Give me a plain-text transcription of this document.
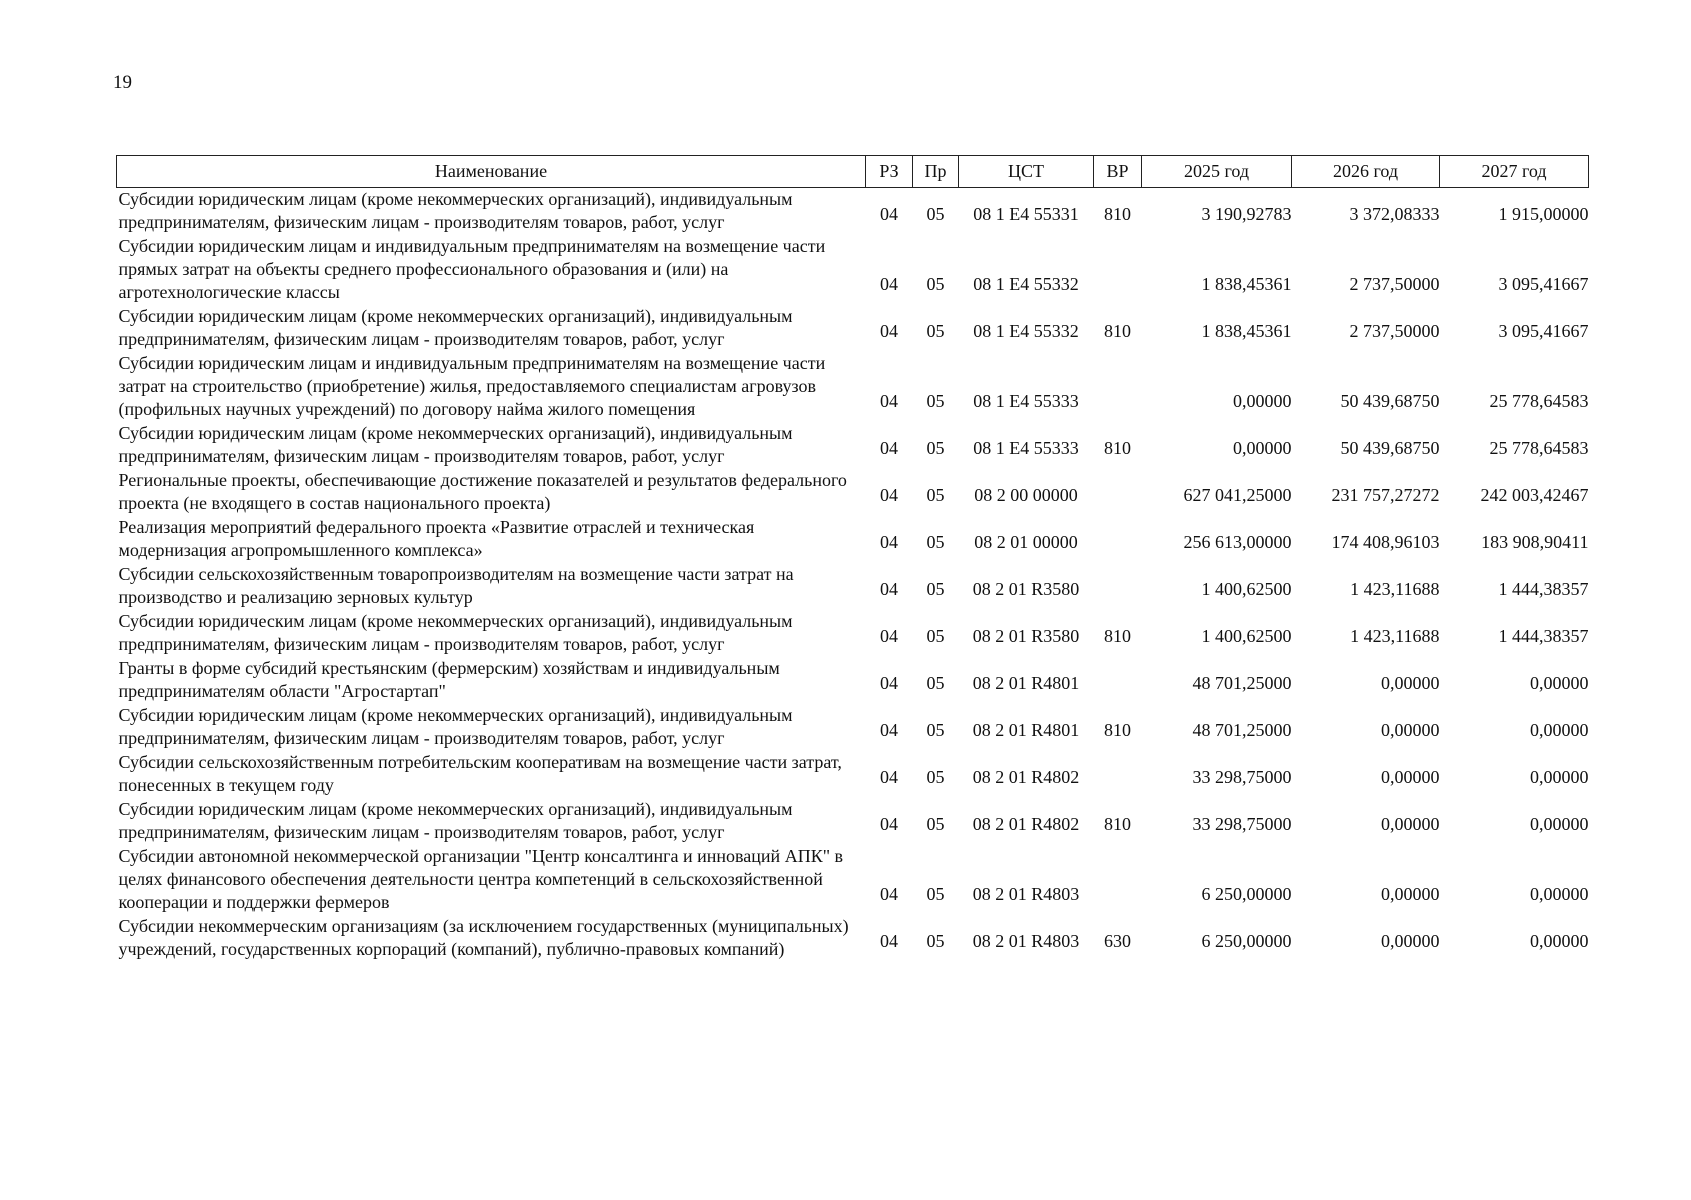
19
Наименование	РЗ	Пр	ЦСТ	ВР	2025 год	2026 год	2027 год
Субсидии юридическим лицам (кроме некоммерческих организаций), индивидуальным предпринимателям, физическим лицам - производителям товаров, работ, услуг	04	05	08 1 Е4 55331	810	3 190,92783	3 372,08333	1 915,00000
Субсидии юридическим лицам и индивидуальным предпринимателям на возмещение части прямых затрат на объекты среднего профессионального образования и (или) на агротехнологические классы	04	05	08 1 Е4 55332		1 838,45361	2 737,50000	3 095,41667
Субсидии юридическим лицам (кроме некоммерческих организаций), индивидуальным предпринимателям, физическим лицам - производителям товаров, работ, услуг	04	05	08 1 Е4 55332	810	1 838,45361	2 737,50000	3 095,41667
Субсидии юридическим лицам и индивидуальным предпринимателям на возмещение части затрат на строительство (приобретение) жилья, предоставляемого специалистам агровузов (профильных научных учреждений) по договору найма жилого помещения	04	05	08 1 Е4 55333		0,00000	50 439,68750	25 778,64583
Субсидии юридическим лицам (кроме некоммерческих организаций), индивидуальным предпринимателям, физическим лицам - производителям товаров, работ, услуг	04	05	08 1 Е4 55333	810	0,00000	50 439,68750	25 778,64583
Региональные проекты, обеспечивающие достижение показателей и результатов федерального проекта (не входящего в состав национального проекта)	04	05	08 2 00 00000		627 041,25000	231 757,27272	242 003,42467
Реализация мероприятий федерального проекта «Развитие отраслей и техническая модернизация агропромышленного комплекса»	04	05	08 2 01 00000		256 613,00000	174 408,96103	183 908,90411
Субсидии сельскохозяйственным товаропроизводителям на возмещение части затрат на производство и реализацию зерновых культур	04	05	08 2 01 R3580		1 400,62500	1 423,11688	1 444,38357
Субсидии юридическим лицам (кроме некоммерческих организаций), индивидуальным предпринимателям, физическим лицам - производителям товаров, работ, услуг	04	05	08 2 01 R3580	810	1 400,62500	1 423,11688	1 444,38357
Гранты в форме субсидий крестьянским (фермерским) хозяйствам и индивидуальным предпринимателям области "Агростартап"	04	05	08 2 01 R4801		48 701,25000	0,00000	0,00000
Субсидии юридическим лицам (кроме некоммерческих организаций), индивидуальным предпринимателям, физическим лицам - производителям товаров, работ, услуг	04	05	08 2 01 R4801	810	48 701,25000	0,00000	0,00000
Субсидии сельскохозяйственным потребительским кооперативам на возмещение части затрат, понесенных в текущем году	04	05	08 2 01 R4802		33 298,75000	0,00000	0,00000
Субсидии юридическим лицам (кроме некоммерческих организаций), индивидуальным предпринимателям, физическим лицам - производителям товаров, работ, услуг	04	05	08 2 01 R4802	810	33 298,75000	0,00000	0,00000
Субсидии автономной некоммерческой организации "Центр консалтинга и инноваций АПК" в целях финансового обеспечения деятельности центра компетенций в сельскохозяйственной кооперации и поддержки фермеров	04	05	08 2 01 R4803		6 250,00000	0,00000	0,00000
Субсидии некоммерческим организациям (за исключением государственных (муниципальных) учреждений, государственных корпораций (компаний), публично-правовых компаний)	04	05	08 2 01 R4803	630	6 250,00000	0,00000	0,00000
